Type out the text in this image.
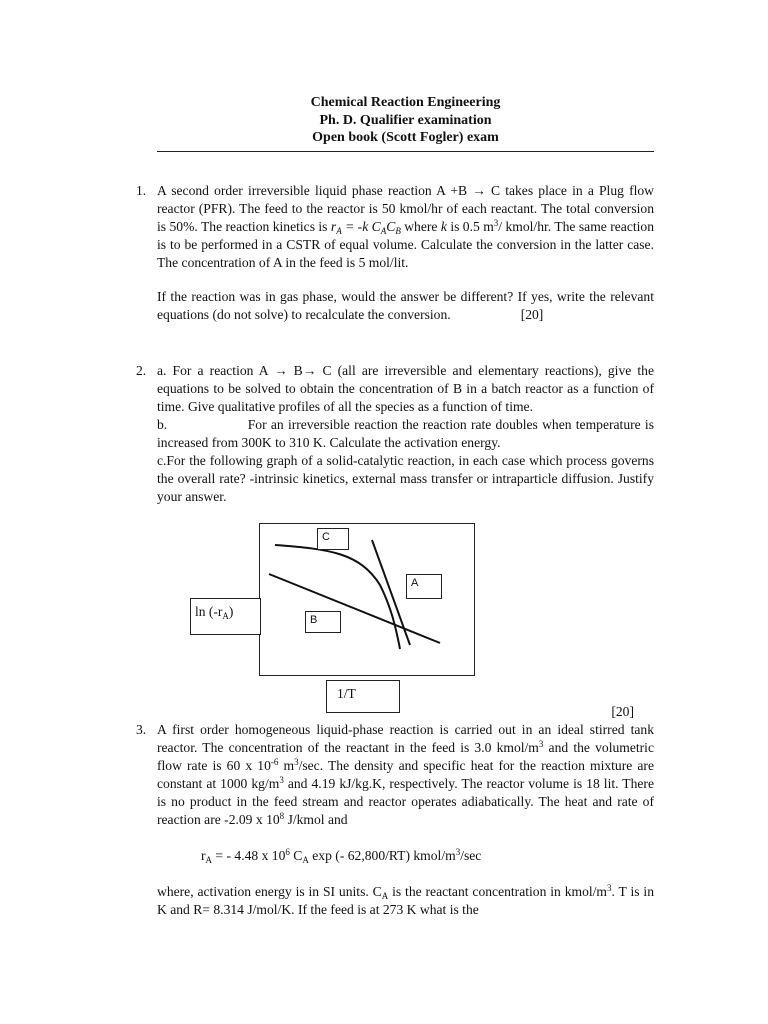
Chemical Reaction Engineering
Ph. D. Qualifier examination
Open book (Scott Fogler) exam
1. A second order irreversible liquid phase reaction A +B → C takes place in a Plug flow reactor (PFR). The feed to the reactor is 50 kmol/hr of each reactant. The total conversion is 50%. The reaction kinetics is $r_A = -k$ $C_AC_B$ where k is 0.5 $m^3/$ kmol/hr. The same reaction is to be performed in a CSTR of equal volume. Calculate the conversion in the latter case. The concentration of A in the feed is 5 mol/lit.

If the reaction was in gas phase, would the answer be different? If yes, write the relevant equations (do not solve) to recalculate the conversion.	[20]

2. a. For a reaction A → B→ C (all are irreversible and elementary reactions), give the equations to be solved to obtain the concentration of B in a batch reactor as a function of time. Give qualitative profiles of all the species as a function of time.

b.                   For an irreversible reaction the reaction rate doubles when temperature is increased from 300K to 310 K. Calculate the activation energy.

c.For the following graph of a solid-catalytic reaction, in each case which process governs the overall rate? -intrinsic kinetics, external mass transfer or intraparticle diffusion. Justify your answer.

C
A
B
$\ln (-r_A)$
1/T
[20]
3. A first order homogeneous liquid-phase reaction is carried out in an ideal stirred tank reactor. The concentration of the reactant in the feed is 3.0 kmol/$m^3$ and the volumetric flow rate is 60 x $10^{-6}$ $m^3/\sec$. The density and specific heat for the reaction mixture are constant at 1000 $kg/m^3$ and 4.19 kJ/kg.K, respectively. The reactor volume is 18 lit. There is no product in the feed stream and reactor operates adiabatically. The heat and rate of reaction are -2.09 x $10^8$ J/kmol and

$r_A$ = - 4.48 x $10^6$ $C_A$ exp (- 62,800/RT) kmol/$m^3/\sec$

where, activation energy is in SI units. $C_A$ is the reactant concentration in kmol/$m^3$. T is in K and R= 8.314 J/mol/K. If the feed is at 273 K what is the
